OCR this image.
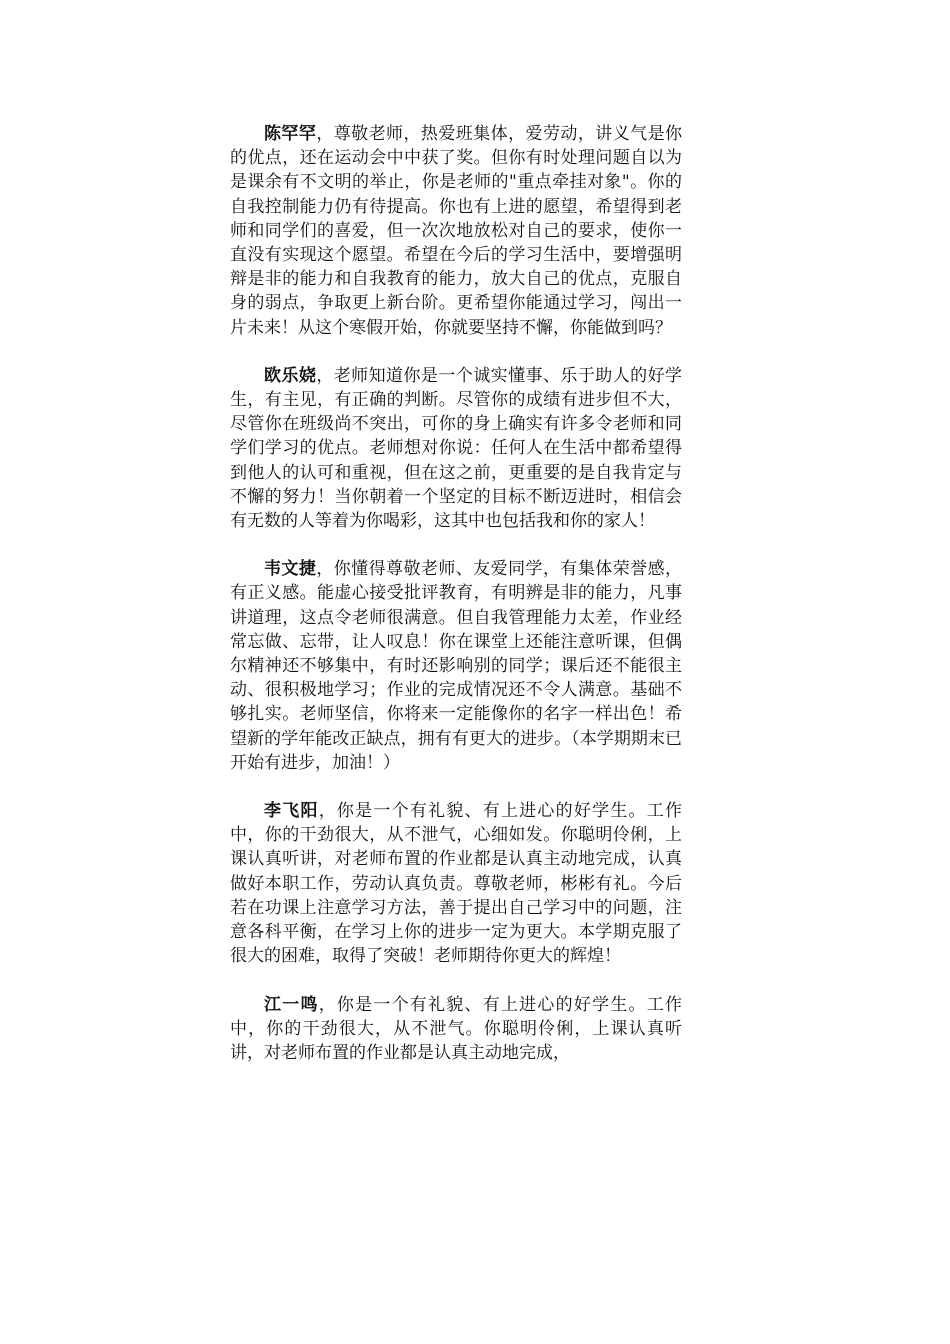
陈罕罕，尊敬老师，热爱班集体，爱劳动，讲义气是你的优点，还在运动会中中获了奖。但你有时处理问题自以为是课余有不文明的举止，你是老师的"重点牵挂对象"。你的自我控制能力仍有待提高。你也有上进的愿望，希望得到老师和同学们的喜爱，但一次次地放松对自己的要求，使你一直没有实现这个愿望。希望在今后的学习生活中，要增强明辩是非的能力和自我教育的能力，放大自己的优点，克服自身的弱点，争取更上新台阶。更希望你能通过学习，闯出一片未来！从这个寒假开始，你就要坚持不懈，你能做到吗？

欧乐娆，老师知道你是一个诚实懂事、乐于助人的好学生，有主见，有正确的判断。尽管你的成绩有进步但不大，尽管你在班级尚不突出，可你的身上确实有许多令老师和同学们学习的优点。老师想对你说：任何人在生活中都希望得到他人的认可和重视，但在这之前，更重要的是自我肯定与不懈的努力！当你朝着一个坚定的目标不断迈进时，相信会有无数的人等着为你喝彩，这其中也包括我和你的家人！

韦文捷，你懂得尊敬老师、友爱同学，有集体荣誉感，有正义感。能虚心接受批评教育，有明辨是非的能力，凡事讲道理，这点令老师很满意。但自我管理能力太差，作业经常忘做、忘带，让人叹息！你在课堂上还能注意听课，但偶尔精神还不够集中，有时还影响别的同学；课后还不能很主动、很积极地学习；作业的完成情况还不令人满意。基础不够扎实。老师坚信，你将来一定能像你的名字一样出色！希望新的学年能改正缺点，拥有有更大的进步。（本学期期末已开始有进步，加油！）

李飞阳，你是一个有礼貌、有上进心的好学生。工作中，你的干劲很大，从不泄气，心细如发。你聪明伶俐，上课认真听讲，对老师布置的作业都是认真主动地完成，认真做好本职工作，劳动认真负责。尊敬老师，彬彬有礼。今后若在功课上注意学习方法，善于提出自己学习中的问题，注意各科平衡，在学习上你的进步一定为更大。本学期克服了很大的困难，取得了突破！老师期待你更大的辉煌！

江一鸣，你是一个有礼貌、有上进心的好学生。工作中，你的干劲很大，从不泄气。你聪明伶俐，上课认真听讲，对老师布置的作业都是认真主动地完成，
